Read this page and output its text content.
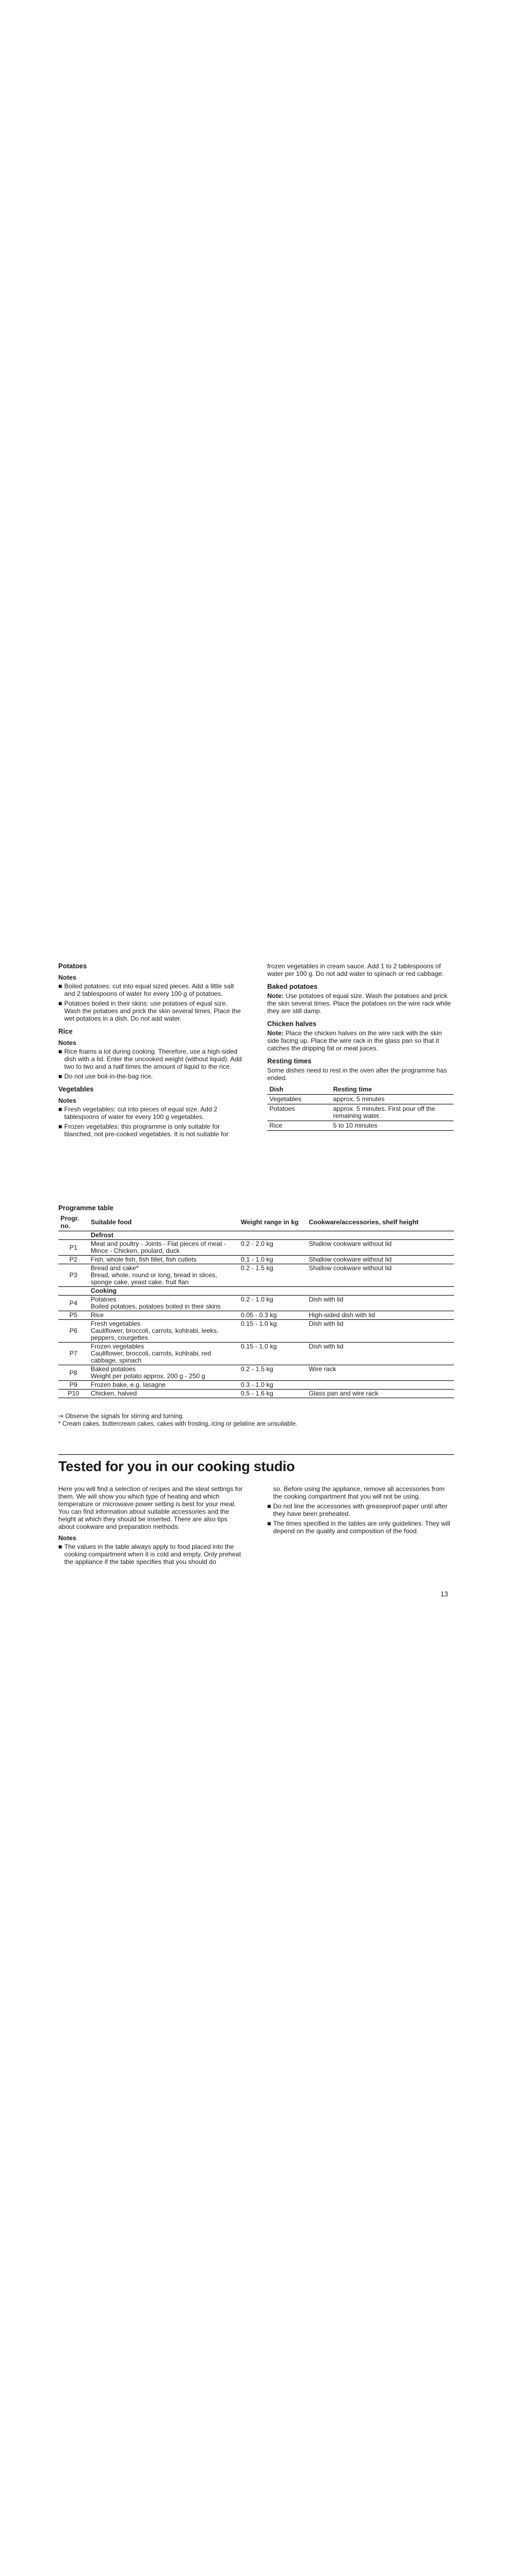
Potatoes
Notes
■ Boiled potatoes: cut into equal sized pieces. Add a little salt and 2 tablespoons of water for every 100 g of potatoes.
■ Potatoes boiled in their skins: use potatoes of equal size. Wash the potatoes and prick the skin several times. Place the wet potatoes in a dish. Do not add water.
Rice
Notes
■ Rice foams a lot during cooking. Therefore, use a high-sided dish with a lid. Enter the uncooked weight (without liquid). Add two to two and a half times the amount of liquid to the rice.
■ Do not use boil-in-the-bag rice.
Vegetables
Notes
■ Fresh vegetables: cut into pieces of equal size. Add 2 tablespoons of water for every 100 g vegetables.
■ Frozen vegetables: this programme is only suitable for blanched, not pre-cooked vegetables. It is not suitable for

frozen vegetables in cream sauce. Add 1 to 2 tablespoons of water per 100 g. Do not add water to spinach or red cabbage.

Baked potatoes

Note: Use potatoes of equal size. Wash the potatoes and prick the skin several times. Place the potatoes on the wire rack while they are still damp.

Chicken halves

Note: Place the chicken halves on the wire rack with the skin side facing up. Place the wire rack in the glass pan so that it catches the dripping fat or meat juices.

Resting times

Some dishes need to rest in the oven after the programme has ended.

Dish	Resting time
Vegetables	approx. 5 minutes
Potatoes	approx. 5 minutes. First pour off the remaining water.
Rice	5 to 10 minutes
Programme table
Progr. no.	Suitable food	Weight range in kg	Cookware/accessories, shelf height
	Defrost		
P1	Meat and poultry - Joints - Flat pieces of meat - Mince - Chicken, poulard, duck	0.2 - 2.0 kg	Shallow cookware without lid
P2	Fish, whole fish, fish fillet, fish cutlets	0.1 - 1.0 kg	Shallow cookware without lid
P3	Bread and cake*
Bread, whole, round or long, bread in slices, sponge cake, yeast cake, fruit flan	0.2 - 1.5 kg	Shallow cookware without lid
	Cooking		
P4	Potatoes
Boiled potatoes, potatoes boiled in their skins	0.2 - 1.0 kg	Dish with lid
P5	Rice	0.05 - 0.3 kg	High-sided dish with lid
P6	Fresh vegetables
Cauliflower, broccoli, carrots, kohlrabi, leeks, peppers, courgettes	0.15 - 1.0 kg	Dish with lid
P7	Frozen vegetables
Cauliflower, broccoli, carrots, kohlrabi, red cabbage, spinach	0.15 - 1.0 kg	Dish with lid
P8	Baked potatoes
Weight per potato approx. 200 g - 250 g	0.2 - 1.5 kg	Wire rack
P9	Frozen bake, e.g. lasagne	0.3 - 1.0 kg	
P10	Chicken, halved	0.5 - 1.6 kg	Glass pan and wire rack
⇒ Observe the signals for stirring and turning.
* Cream cakes, buttercream cakes, cakes with frosting, icing or gelatine are unsuitable.
Tested for you in our cooking studio

Here you will find a selection of recipes and the ideal settings for them. We will show you which type of heating and which temperature or microwave power setting is best for your meal. You can find information about suitable accessories and the height at which they should be inserted. There are also tips about cookware and preparation methods.

Notes
■ The values in the table always apply to food placed into the cooking compartment when it is cold and empty. Only preheat the appliance if the table specifies that you should do

so. Before using the appliance, remove all accessories from the cooking compartment that you will not be using.

■ Do not line the accessories with greaseproof paper until after they have been preheated.
■ The times specified in the tables are only guidelines. They will depend on the quality and composition of the food.
13
